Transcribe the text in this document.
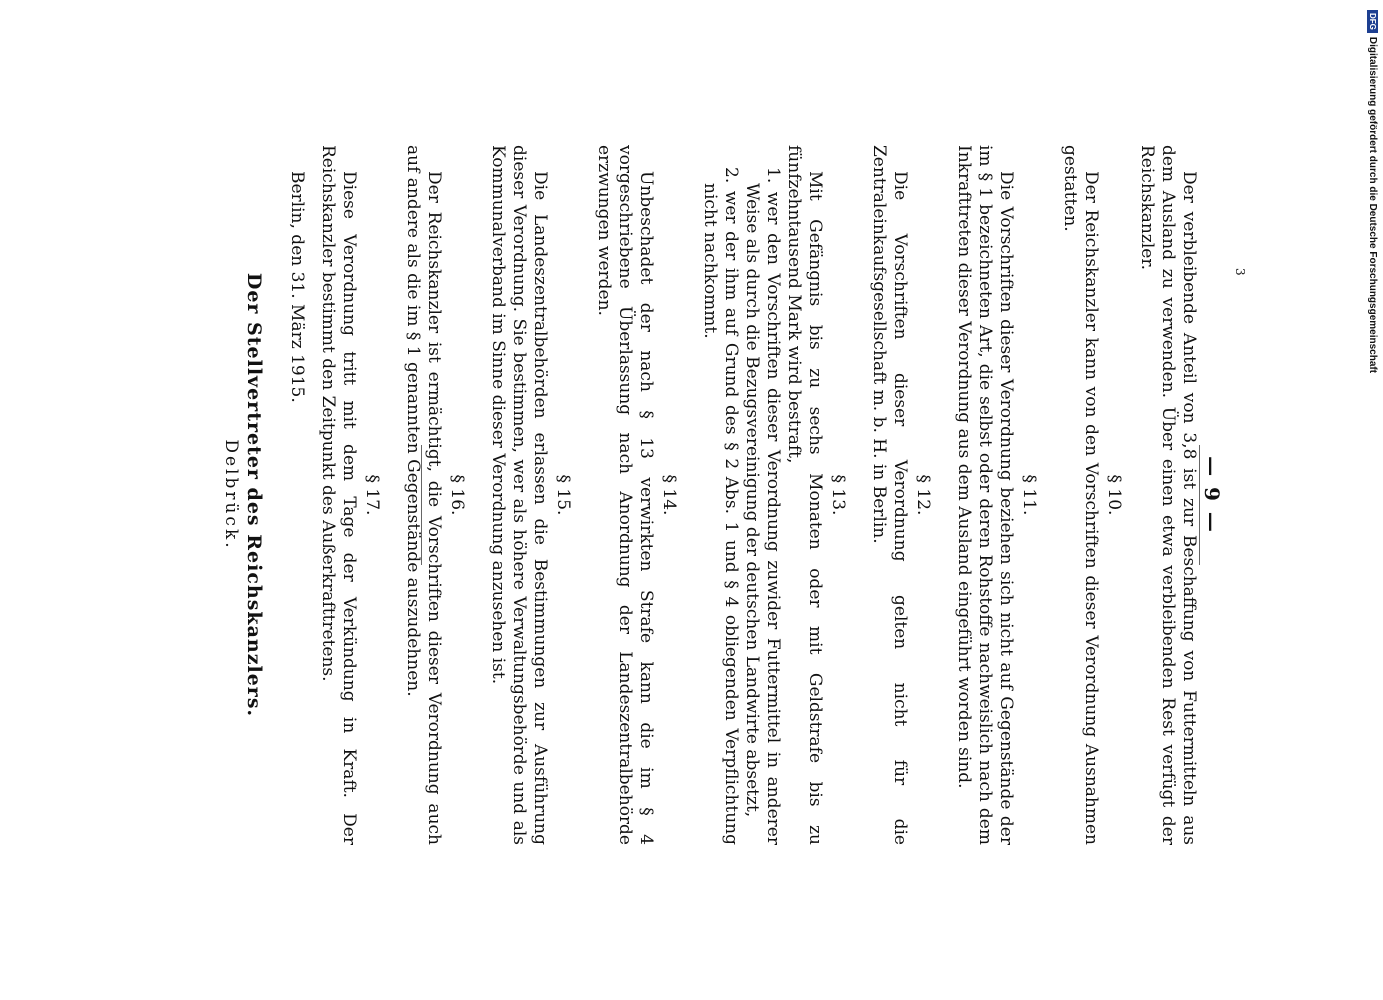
— 9 —

Der verbleibende Anteil von 3,8 ist zur Beschaffung von Futtermitteln aus dem Ausland zu verwenden. Über einen etwa verbleibenden Rest verfügt der Reichskanzler.

§ 10.

Der Reichskanzler kann von den Vorschriften dieser Verordnung Ausnahmen gestatten.

§ 11.

Die Vorschriften dieser Verordnung beziehen sich nicht auf Gegenstände der im § 1 bezeichneten Art, die selbst oder deren Rohstoffe nachweislich nach dem Inkrafttreten dieser Verordnung aus dem Ausland eingeführt worden sind.

§ 12.

Die Vorschriften dieser Verordnung gelten nicht für die Zentraleinkaufsgesellschaft m. b. H. in Berlin.

§ 13.

Mit Gefängnis bis zu sechs Monaten oder mit Geldstrafe bis zu fünfzehntausend Mark wird bestraft,

1. wer den Vorschriften dieser Verordnung zuwider Futtermittel in anderer Weise als durch die Bezugsvereinigung der deutschen Landwirte absetzt,

2. wer der ihm auf Grund des § 2 Abs. 1 und § 4 obliegenden Verpflichtung nicht nachkommt.

§ 14.

Unbeschadet der nach § 13 verwirkten Strafe kann die im § 4 vorgeschriebene Überlassung nach Anordnung der Landeszentralbehörde erzwungen werden.

§ 15.

Die Landeszentralbehörden erlassen die Bestimmungen zur Ausführung dieser Verordnung. Sie bestimmen, wer als höhere Verwaltungsbehörde und als Kommunalverband im Sinne dieser Verordnung anzusehen ist.

§ 16.

Der Reichskanzler ist ermächtigt, die Vorschriften dieser Verordnung auch auf andere als die im § 1 genannten Gegenstände auszudehnen.

§ 17.

Diese Verordnung tritt mit dem Tage der Verkündung in Kraft. Der Reichskanzler bestimmt den Zeitpunkt des Außerkrafttretens.

Berlin, den 31. März 1915.

Der Stellvertreter des Reichskanzlers.

Delbrück.

3
DFG
Digitalisierung gefördert durch die Deutsche Forschungsgemeinschaft
